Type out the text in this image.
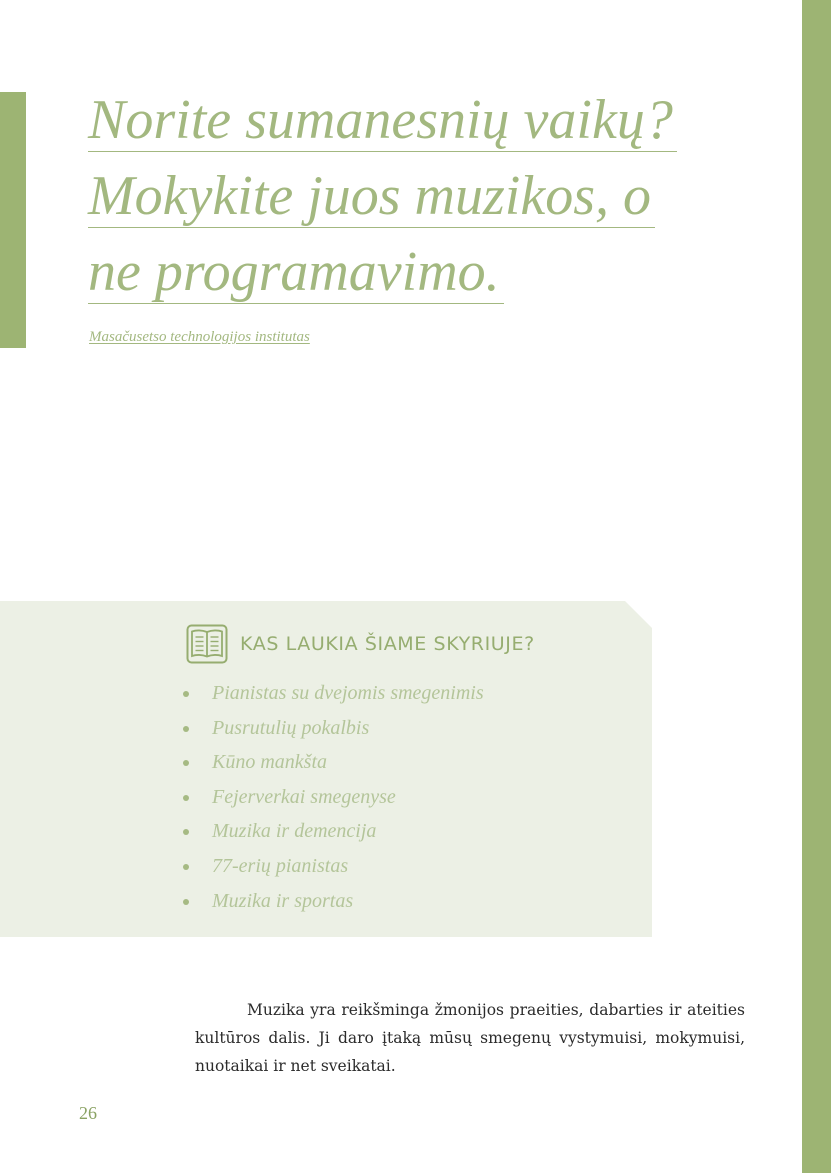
Norite sumanesnių vaikų?
Mokykite juos muzikos, o
ne programavimo.
Masačusetso technologijos institutas
KAS LAUKIA ŠIAME SKYRIUJE?
Pianistas su dvejomis smegenimis
Pusrutulių pokalbis
Kūno mankšta
Fejerverkai smegenyse
Muzika ir demencija
77-erių pianistas
Muzika ir sportas

Muzika yra reikšminga žmonijos praeities, dabarties ir ateities kultūros dalis. Ji daro įtaką mūsų smegenų vystymuisi, mokymuisi, nuotaikai ir net sveikatai.

26
